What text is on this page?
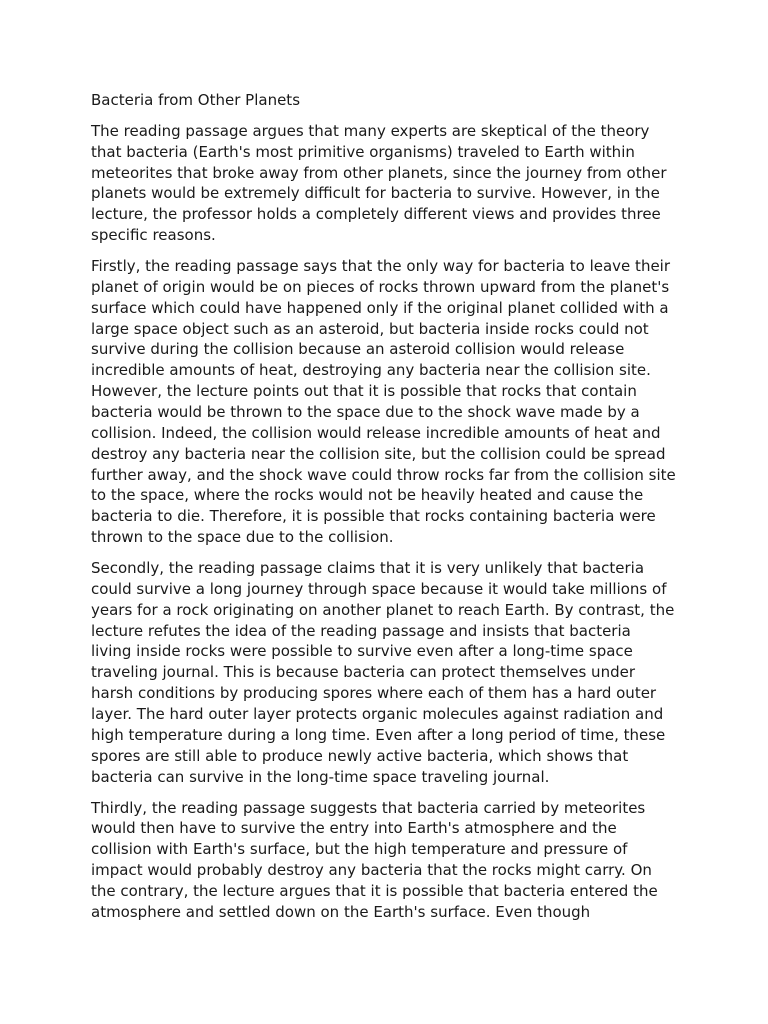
Bacteria from Other Planets
The reading passage argues that many experts are skeptical of the theory
that bacteria (Earth's most primitive organisms) traveled to Earth within
meteorites that broke away from other planets, since the journey from other
planets would be extremely difficult for bacteria to survive. However, in the
lecture, the professor holds a completely different views and provides three
specific reasons.
Firstly, the reading passage says that the only way for bacteria to leave their
planet of origin would be on pieces of rocks thrown upward from the planet's
surface which could have happened only if the original planet collided with a
large space object such as an asteroid, but bacteria inside rocks could not
survive during the collision because an asteroid collision would release
incredible amounts of heat, destroying any bacteria near the collision site.
However, the lecture points out that it is possible that rocks that contain
bacteria would be thrown to the space due to the shock wave made by a
collision. Indeed, the collision would release incredible amounts of heat and
destroy any bacteria near the collision site, but the collision could be spread
further away, and the shock wave could throw rocks far from the collision site
to the space, where the rocks would not be heavily heated and cause the
bacteria to die. Therefore, it is possible that rocks containing bacteria were
thrown to the space due to the collision.
Secondly, the reading passage claims that it is very unlikely that bacteria
could survive a long journey through space because it would take millions of
years for a rock originating on another planet to reach Earth. By contrast, the
lecture refutes the idea of the reading passage and insists that bacteria
living inside rocks were possible to survive even after a long-time space
traveling journal. This is because bacteria can protect themselves under
harsh conditions by producing spores where each of them has a hard outer
layer. The hard outer layer protects organic molecules against radiation and
high temperature during a long time. Even after a long period of time, these
spores are still able to produce newly active bacteria, which shows that
bacteria can survive in the long-time space traveling journal.
Thirdly, the reading passage suggests that bacteria carried by meteorites
would then have to survive the entry into Earth's atmosphere and the
collision with Earth's surface, but the high temperature and pressure of
impact would probably destroy any bacteria that the rocks might carry. On
the contrary, the lecture argues that it is possible that bacteria entered the
atmosphere and settled down on the Earth's surface. Even though
